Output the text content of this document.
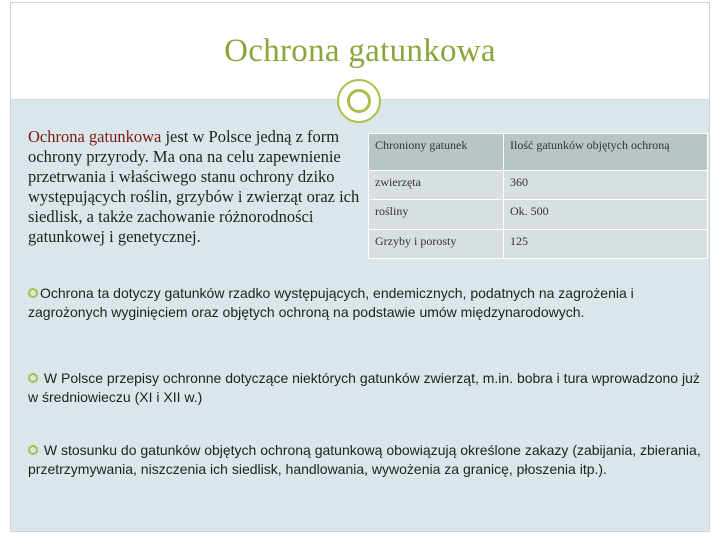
Ochrona gatunkowa
Ochrona gatunkowa jest w Polsce jedną z form ochrony przyrody. Ma ona na celu zapewnienie przetrwania i właściwego stanu ochrony dziko występujących roślin, grzybów i zwierząt oraz ich siedlisk, a także zachowanie różnorodności gatunkowej i genetycznej.
Chroniony gatunek	Ilość gatunków objętych ochroną
zwierzęta	360
rośliny	Ok. 500
Grzyby i porosty	125
Ochrona ta dotyczy gatunków rzadko występujących, endemicznych, podatnych na zagrożenia i zagrożonych wyginięciem oraz objętych ochroną na podstawie umów międzynarodowych.
W Polsce przepisy ochronne dotyczące niektórych gatunków zwierząt, m.in. bobra i tura wprowadzono już w średniowieczu (XI i XII w.)
W stosunku do gatunków objętych ochroną gatunkową obowiązują określone zakazy (zabijania, zbierania, przetrzymywania, niszczenia ich siedlisk, handlowania, wywożenia za granicę, płoszenia itp.).
